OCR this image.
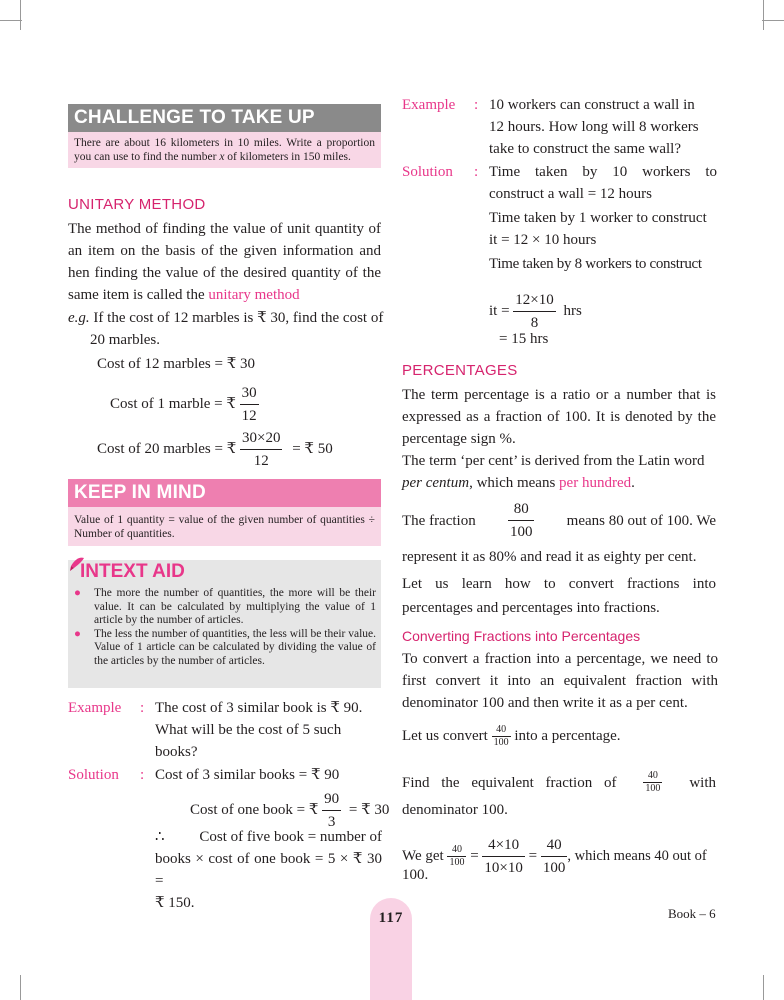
CHALLENGE TO TAKE UP
There are about 16 kilometers in 10 miles. Write a proportion you can use to find the number x of kilometers in 150 miles.
UNITARY METHOD
The method of finding the value of unit quantity of an item on the basis of the given information and hen finding the value of the desired quantity of the same item is called the unitary method
e.g. If the cost of 12 marbles is ₹ 30, find the cost of
20 marbles.
Cost of 12 marbles = ₹ 30
Cost of 1 marble = ₹ $\frac{30}{12}$
Cost of 20 marbles = ₹ $\frac{30\times 20}{12}$ = ₹ 50
KEEP IN MIND
Value of 1 quantity = value of the given number of quantities ÷ Number of quantities.
INTEXT AID
●	The more the number of quantities, the more will be their value. It can be calculated by multiplying the value of 1 article by the number of articles.
●	The less the number of quantities, the less will be their value. Value of 1 article can be calculated by dividing the value of the articles by the number of articles.
Example : The cost of 3 similar book is ₹ 90.
What will be the cost of 5 such
books?
Solution : Cost of 3 similar books = ₹ 90
Cost of one book = ₹ $\frac{90}{3}$ = ₹ 30
∴ Cost of five book = number of
books × cost of one book = 5 × ₹ 30 =
₹ 150.
Example : 10 workers can construct a wall in
12 hours. How long will 8 workers
take to construct the same wall?
Solution : Time taken by 10 workers to
construct a wall = 12 hours
Time taken by 1 worker to construct
it = 12 × 10 hours
Time taken by 8 workers to construct
it = $\frac{12\times 10}{8}$ hrs
= 15 hrs
PERCENTAGES
The term percentage is a ratio or a number that is expressed as a fraction of 100. It is denoted by the percentage sign %.
The term ‘per cent’ is derived from the Latin word per centum, which means per hundred.
The fraction $\frac{80}{100}$ means 80 out of 100. We
represent it as 80% and read it as eighty per cent.
Let us learn how to convert fractions into percentages and percentages into fractions.
Converting Fractions into Percentages
To convert a fraction into a percentage, we need to first convert it into an equivalent fraction with denominator 100 and then write it as a per cent.
Let us convert $\frac{40}{100}$ into a percentage.
Find the equivalent fraction of	$\frac{40}{100}$ with
denominator 100.
We get $\frac{40}{100} = \frac{4\times 10}{10\times 10} = \frac{40}{100}$ , which means 40 out of
100.
117	Book – 6
